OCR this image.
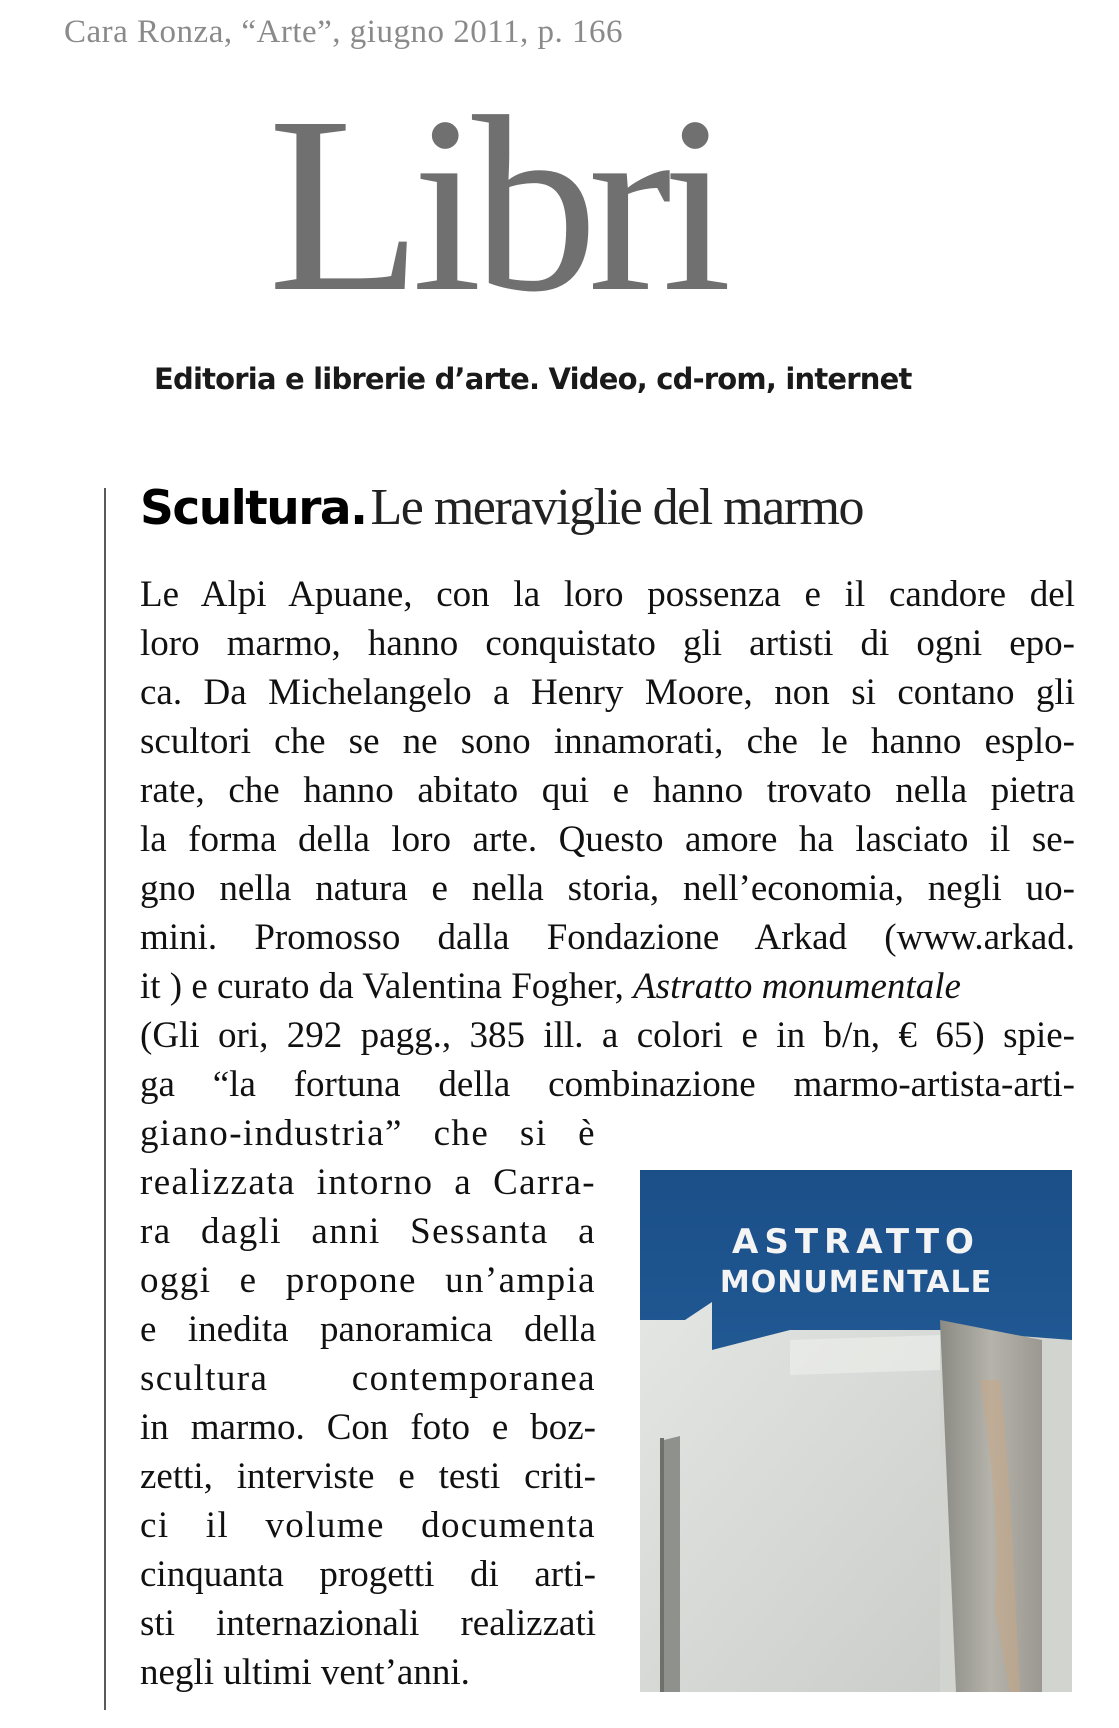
Cara Ronza, “Arte”, giugno 2011, p. 166
Libri
Editoria e librerie d’arte. Video, cd-rom, internet
Scultura. Le meraviglie del marmo
Le Alpi Apuane, con la loro possenza e il candore del
loro marmo, hanno conquistato gli artisti di ogni epo-
ca. Da Michelangelo a Henry Moore, non si contano gli
scultori che se ne sono innamorati, che le hanno esplo-
rate, che hanno abitato qui e hanno trovato nella pietra
la forma della loro arte. Questo amore ha lasciato il se-
gno nella natura e nella storia, nell’economia, negli uo-
mini. Promosso dalla Fondazione Arkad (www.arkad.
it ) e curato da Valentina Fogher, Astratto monumentale
(Gli ori, 292 pagg., 385 ill. a colori e in b/n, € 65) spie-
ga “la fortuna della combinazione marmo-artista-arti-
giano-industria” che si è
realizzata intorno a Carra-
ra dagli anni Sessanta a
oggi e propone un’ampia
e inedita panoramica della
scultura contemporanea
in marmo. Con foto e boz-
zetti, interviste e testi criti-
ci il volume documenta
cinquanta progetti di arti-
sti internazionali realizzati
negli ultimi vent’anni.
ASTRATTO
MONUMENTALE
